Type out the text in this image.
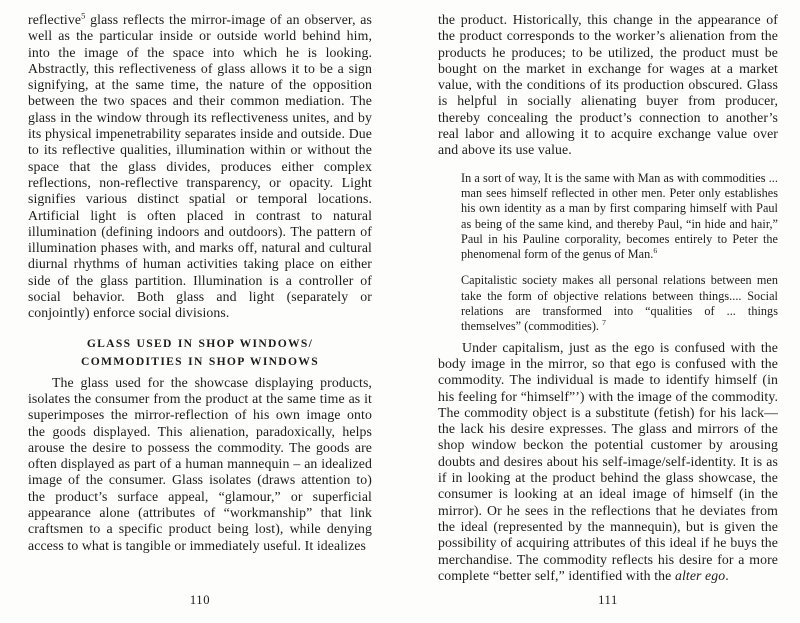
reflective$^5$ glass reflects the mirror-image of an observer, as well as the particular inside or outside world behind him, into the image of the space into which he is looking. Abstractly, this reflectiveness of glass allows it to be a sign signifying, at the same time, the nature of the opposition between the two spaces and their common mediation. The glass in the window through its reflectiveness unites, and by its physical impenetrability separates inside and outside. Due to its reflective qualities, illumination within or without the space that the glass divides, produces either complex reflections, non-reflective transparency, or opacity. Light signifies various distinct spatial or temporal locations. Artificial light is often placed in contrast to natural illumination (defining indoors and outdoors). The pattern of illumination phases with, and marks off, natural and cultural diurnal rhythms of human activities taking place on either side of the glass partition. Illumination is a controller of social behavior. Both glass and light (separately or conjointly) enforce social divisions.

GLASS USED IN SHOP WINDOWS/
COMMODITIES IN SHOP WINDOWS

The glass used for the showcase displaying products, isolates the consumer from the product at the same time as it superimposes the mirror-reflection of his own image onto the goods displayed. This alienation, paradoxically, helps arouse the desire to possess the commodity. The goods are often displayed as part of a human mannequin – an idealized image of the consumer. Glass isolates (draws attention to) the product’s surface appeal, “glamour,” or superficial appearance alone (attributes of “workmanship” that link craftsmen to a specific product being lost), while denying access to what is tangible or immediately useful. It idealizes

110

the product. Historically, this change in the appearance of the product corresponds to the worker’s alienation from the products he produces; to be utilized, the product must be bought on the market in exchange for wages at a market value, with the conditions of its production obscured. Glass is helpful in socially alienating buyer from producer, thereby concealing the product’s connection to another’s real labor and allowing it to acquire exchange value over and above its use value.

In a sort of way, It is the same with Man as with commodities ... man sees himself reflected in other men. Peter only establishes his own identity as a man by first comparing himself with Paul as being of the same kind, and thereby Paul, “in hide and hair,” Paul in his Pauline corporality, becomes entirely to Peter the phenomenal form of the genus of Man.$^6$
Capitalistic society makes all personal relations between men take the form of objective relations between things.... Social relations are transformed into “qualities of ... things themselves” (commodities). $^7$

Under capitalism, just as the ego is confused with the body image in the mirror, so that ego is confused with the commodity. The individual is made to identify himself (in his feeling for “himself”’) with the image of the commodity. The commodity object is a substitute (fetish) for his lack—the lack his desire expresses. The glass and mirrors of the shop window beckon the potential customer by arousing doubts and desires about his self-image/self-identity. It is as if in looking at the product behind the glass showcase, the consumer is looking at an ideal image of himself (in the mirror). Or he sees in the reflections that he deviates from the ideal (represented by the mannequin), but is given the possibility of acquiring attributes of this ideal if he buys the merchandise. The commodity reflects his desire for a more complete “better self,” identified with the alter ego.

111
